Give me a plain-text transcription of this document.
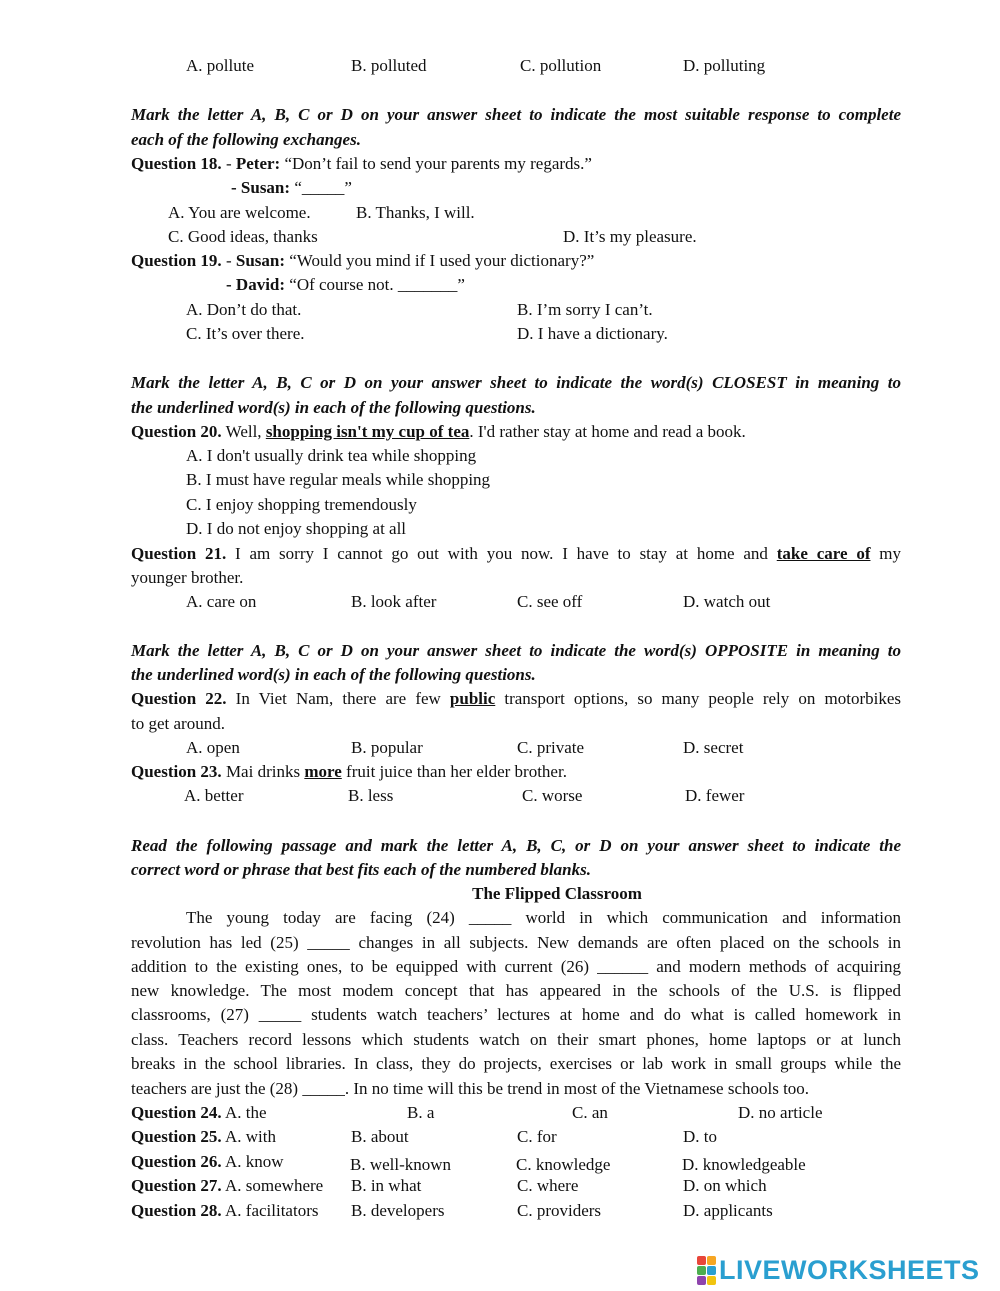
A. pollute	B. polluted	C. pollution	D. polluting
Mark the letter A, B, C or D on your answer sheet to indicate the most suitable response to complete
each of the following exchanges.
Question 18. - Peter: “Don’t fail to send your parents my regards.”
- Susan: “_____”
A. You are welcome.	B. Thanks, I will.
C. Good ideas, thanks	D. It’s my pleasure.
Question 19. - Susan: “Would you mind if I used your dictionary?”
- David: “Of course not. _______”
A. Don’t do that.	B. I’m sorry I can’t.
C. It’s over there.	D. I have a dictionary.
Mark the letter A, B, C or D on your answer sheet to indicate the word(s) CLOSEST in meaning to
the underlined word(s) in each of the following questions.
Question 20. Well, shopping isn't my cup of tea. I'd rather stay at home and read a book.
A. I don't usually drink tea while shopping
B. I must have regular meals while shopping
C. I enjoy shopping tremendously
D. I do not enjoy shopping at all
Question 21. I am sorry I cannot go out with you now. I have to stay at home and take care of my
younger brother.
A. care on	B. look after	C. see off	D. watch out
Mark the letter A, B, C or D on your answer sheet to indicate the word(s) OPPOSITE in meaning to
the underlined word(s) in each of the following questions.
Question 22. In Viet Nam, there are few public transport options, so many people rely on motorbikes
to get around.
A. open	B. popular	C. private	D. secret
Question 23. Mai drinks more fruit juice than her elder brother.
A. better	B. less	C. worse	D. fewer
Read the following passage and mark the letter A, B, C, or D on your answer sheet to indicate the
correct word or phrase that best fits each of the numbered blanks.
The Flipped Classroom
The young today are facing (24) _____ world in which communication and information
revolution has led (25) _____ changes in all subjects. New demands are often placed on the schools in
addition to the existing ones, to be equipped with current (26) ______ and modern methods of acquiring
new knowledge. The most modem concept that has appeared in the schools of the U.S. is flipped
classrooms, (27) _____ students watch teachers’ lectures at home and do what is called homework in
class. Teachers record lessons which students watch on their smart phones, home laptops or at lunch
breaks in the school libraries. In class, they do projects, exercises or lab work in small groups while the
teachers are just the (28) _____. In no time will this be trend in most of the Vietnamese schools too.
Question 24. A. the	B. a	C. an	D. no article
Question 25. A. with	B. about	C. for	D. to
Question 26. A. know	B. well-known	C. knowledge	D. knowledgeable
Question 27. A. somewhere B. in what	C. where	D. on which
Question 28. A. facilitators B. developers	C. providers	D. applicants
LIVEWORKSHEETS
